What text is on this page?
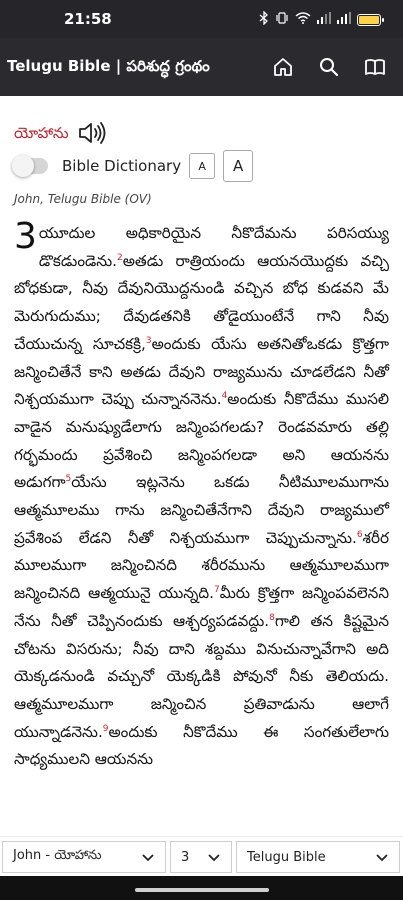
21:58
Telugu Bible | పరిశుద్ధ గ్రంథం
యోహాను
Bible Dictionary	A	A
John, Telugu Bible (OV)
3 యూదుల అధికారియైన నీకొదేమను పరిసయ్యు డొకడుండెను.$^2$అతడు రాత్రియందు ఆయనయొద్దకు వచ్చి బోధకుడా, నీవు దేవునియొద్దనుండి వచ్చిన బోధ కుడవని మే మెరుగుదుము; దేవుడతనికి తోడైయుంటేనే గాని నీవు చేయుచున్న సూచకక్రి,$^3$అందుకు యేసు అతనితోఒకడు క్రొత్తగా జన్మించితేనే కాని అతడు దేవుని రాజ్యమును చూడలేడని నీతో నిశ్చయముగా చెప్పు చున్నాననెను.$^4$అందుకు నీకొదేము ముసలి వాడైన మనుష్యుడేలాగు జన్మింపగలడు? రెండవమారు తల్లి గర్భమందు ప్రవేశించి జన్మింపగలడా అని ఆయనను అడుగగా$^5$యేసు ఇట్లనెను ఒకడు నీటిమూలముగాను ఆత్మమూలము గాను జన్మించితేనేగాని దేవుని రాజ్యములో ప్రవేశింప లేడని నీతో నిశ్చయముగా చెప్పుచున్నాను.$^6$శరీర మూలముగా జన్మించినది శరీరమును ఆత్మమూలముగా జన్మించినది ఆత్మయునై యున్నది.$^7$మీరు క్రొత్తగా జన్మింపవలెనని నేను నీతో చెప్పినందుకు ఆశ్చర్యపడవద్దు.$^8$గాలి తన కిష్టమైన చోటను విసరును; నీవు దాని శబ్దము వినుచున్నావేగాని అది యెక్కడనుండి వచ్చునో యెక్కడికి పోవునో నీకు తెలియదు. ఆత్మమూలముగా జన్మించిన ప్రతివాడును ఆలాగే యున్నాడనెను.$^9$అందుకు నీకొదేము ఈ సంగతులేలాగు సాధ్యములని ఆయనను
John - యోహాను	3	Telugu Bible
